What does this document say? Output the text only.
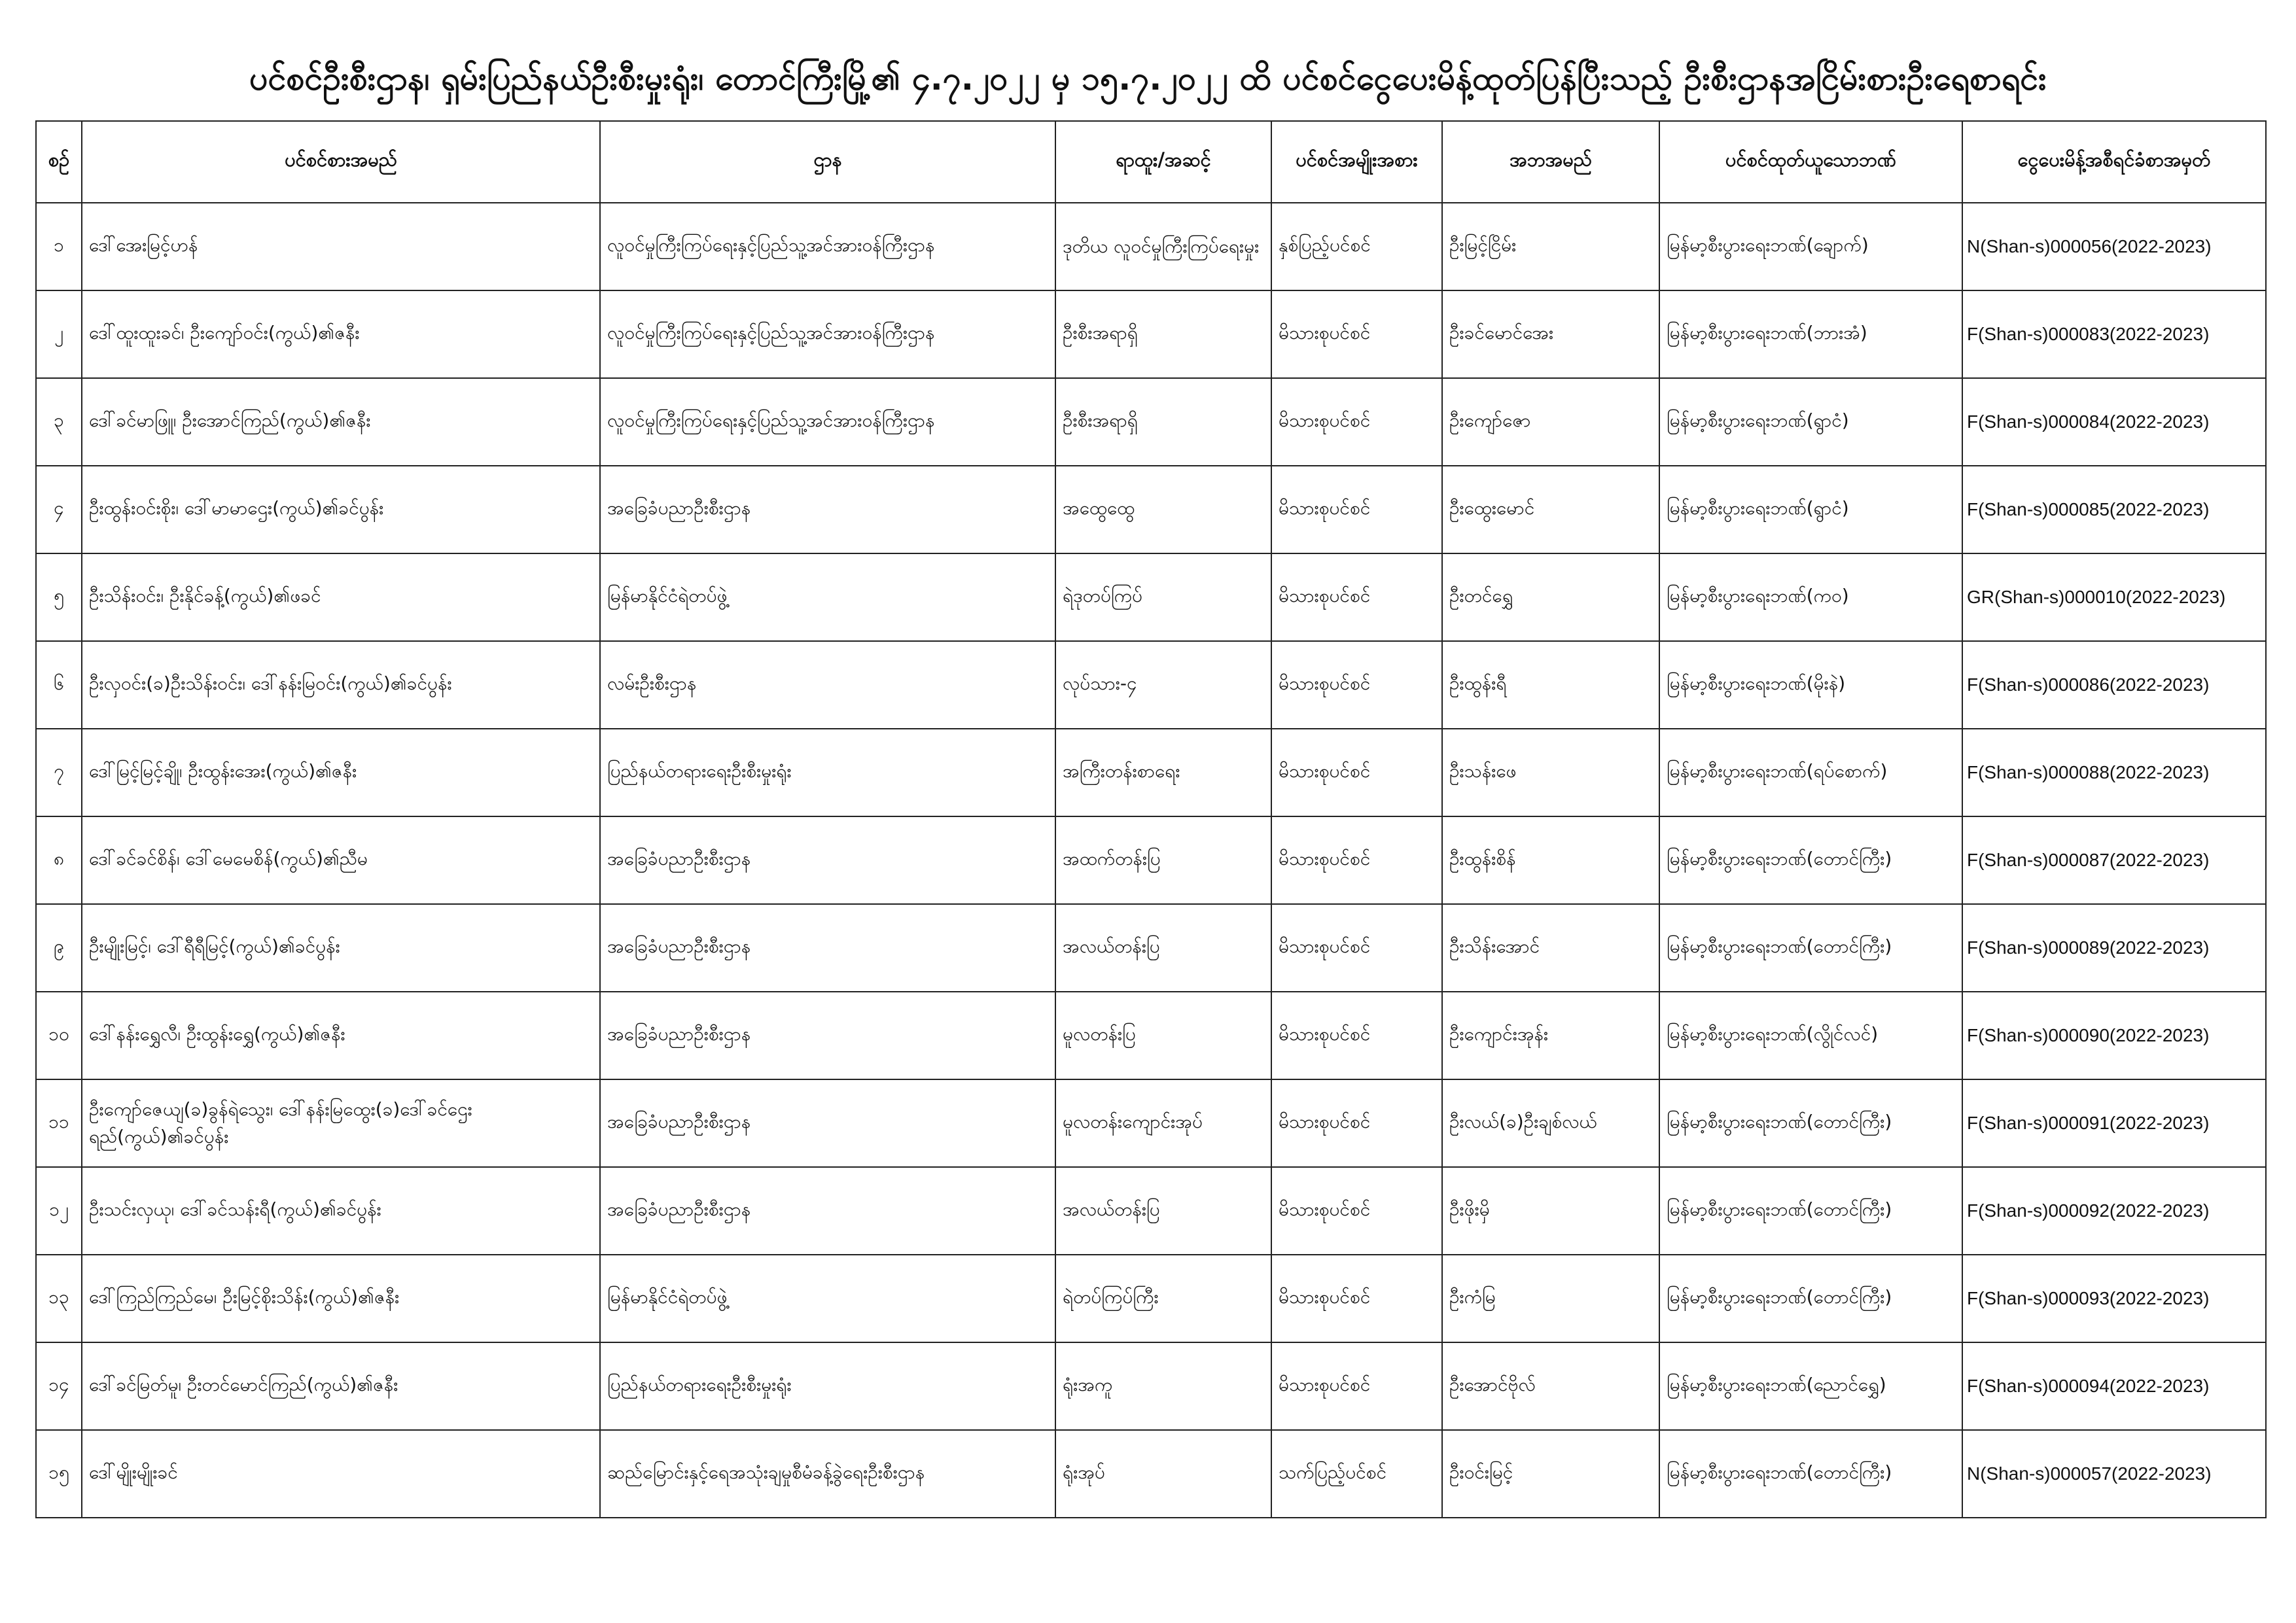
ပင်စင်ဦးစီးဌာန၊ ရှမ်းပြည်နယ်ဦးစီးမှုးရုံး၊ တောင်ကြီးမြို့၏ ၄.၇.၂၀၂၂ မှ ၁၅.၇.၂၀၂၂ ထိ ပင်စင်ငွေပေးမိန့်ထုတ်ပြန်ပြီးသည့် ဦးစီးဌာနအငြိမ်းစားဦးရေစာရင်း
စဉ်	ပင်စင်စားအမည်	ဌာန	ရာထူး/အဆင့်	ပင်စင်အမျိုးအစား	အဘအမည်	ပင်စင်ထုတ်ယူသောဘဏ်	ငွေပေးမိန့်အစီရင်ခံစာအမှတ်
၁	ဒေါ်အေးမြင့်ဟန်	လူဝင်မှုကြီးကြပ်ရေးနှင့်ပြည်သူ့အင်အားဝန်ကြီးဌာန	ဒုတိယ လူဝင်မှုကြီးကြပ်ရေးမှုး	နှစ်ပြည့်ပင်စင်	ဦးမြင့်ငြိမ်း	မြန်မာ့စီးပွားရေးဘဏ်(ချောက်)	N(Shan-s)000056(2022-2023)
၂	ဒေါ်ထူးထူးခင်၊ ဦးကျော်ဝင်း(ကွယ်)၏ဇနီး	လူဝင်မှုကြီးကြပ်ရေးနှင့်ပြည်သူ့အင်အားဝန်ကြီးဌာန	ဦးစီးအရာရှိ	မိသားစုပင်စင်	ဦးခင်မောင်အေး	မြန်မာ့စီးပွားရေးဘဏ်(ဘားအံ)	F(Shan-s)000083(2022-2023)
၃	ဒေါ်ခင်မာဖြူ၊ ဦးအောင်ကြည်(ကွယ်)၏ဇနီး	လူဝင်မှုကြီးကြပ်ရေးနှင့်ပြည်သူ့အင်အားဝန်ကြီးဌာန	ဦးစီးအရာရှိ	မိသားစုပင်စင်	ဦးကျော်ဇော	မြန်မာ့စီးပွားရေးဘဏ်(ရွာငံ)	F(Shan-s)000084(2022-2023)
၄	ဦးထွန်းဝင်းစိုး၊ ဒေါ်မာမာဌေး(ကွယ်)၏ခင်ပွန်း	အခြေခံပညာဦးစီးဌာန	အထွေထွေ	မိသားစုပင်စင်	ဦးထွေးမောင်	မြန်မာ့စီးပွားရေးဘဏ်(ရွာငံ)	F(Shan-s)000085(2022-2023)
၅	ဦးသိန်းဝင်း၊ ဦးနိုင်ခန့်(ကွယ်)၏ဖခင်	မြန်မာနိုင်ငံရဲတပ်ဖွဲ့	ရဲဒုတပ်ကြပ်	မိသားစုပင်စင်	ဦးတင်ရွှေ	မြန်မာ့စီးပွားရေးဘဏ်(ကဝ)	GR(Shan-s)000010(2022-2023)
၆	ဦးလှဝင်း(ခ)ဦးသိန်းဝင်း၊ ဒေါ်နန်းမြဝင်း(ကွယ်)၏ခင်ပွန်း	လမ်းဦးစီးဌာန	လုပ်သား-၄	မိသားစုပင်စင်	ဦးထွန်းရီ	မြန်မာ့စီးပွားရေးဘဏ်(မိုးနဲ)	F(Shan-s)000086(2022-2023)
၇	ဒေါ်မြင့်မြင့်ချို၊ ဦးထွန်းအေး(ကွယ်)၏ဇနီး	ပြည်နယ်တရားရေးဦးစီးမှုးရုံး	အကြီးတန်းစာရေး	မိသားစုပင်စင်	ဦးသန်းဖေ	မြန်မာ့စီးပွားရေးဘဏ်(ရပ်စောက်)	F(Shan-s)000088(2022-2023)
၈	ဒေါ်ခင်ခင်စိန်၊ ဒေါ်မေမေစိန်(ကွယ်)၏ညီမ	အခြေခံပညာဦးစီးဌာန	အထက်တန်းပြ	မိသားစုပင်စင်	ဦးထွန်းစိန်	မြန်မာ့စီးပွားရေးဘဏ်(တောင်ကြီး)	F(Shan-s)000087(2022-2023)
၉	ဦးမျိုးမြင့်၊ ဒေါ်ရီရီမြင့်(ကွယ်)၏ခင်ပွန်း	အခြေခံပညာဦးစီးဌာန	အလယ်တန်းပြ	မိသားစုပင်စင်	ဦးသိန်းအောင်	မြန်မာ့စီးပွားရေးဘဏ်(တောင်ကြီး)	F(Shan-s)000089(2022-2023)
၁၀	ဒေါ်နန်းရွှေလီ၊ ဦးထွန်းရွှေ(ကွယ်)၏ဇနီး	အခြေခံပညာဦးစီးဌာန	မူလတန်းပြ	မိသားစုပင်စင်	ဦးကျောင်းအုန်း	မြန်မာ့စီးပွားရေးဘဏ်(လွိုင်လင်)	F(Shan-s)000090(2022-2023)
၁၁	ဦးကျော်ဇေယျ(ခ)ခွန်ရဲသွေး၊ ဒေါ်နန်းမြထွေး(ခ)ဒေါ်ခင်ဌေးရည်(ကွယ်)၏ခင်ပွန်း	အခြေခံပညာဦးစီးဌာန	မူလတန်းကျောင်းအုပ်	မိသားစုပင်စင်	ဦးလယ်(ခ)ဦးချစ်လယ်	မြန်မာ့စီးပွားရေးဘဏ်(တောင်ကြီး)	F(Shan-s)000091(2022-2023)
၁၂	ဦးသင်းလှယု၊ ဒေါ်ခင်သန်းရီ(ကွယ်)၏ခင်ပွန်း	အခြေခံပညာဦးစီးဌာန	အလယ်တန်းပြ	မိသားစုပင်စင်	ဦးဖိုးမှိ	မြန်မာ့စီးပွားရေးဘဏ်(တောင်ကြီး)	F(Shan-s)000092(2022-2023)
၁၃	ဒေါ်ကြည်ကြည်မေ၊ ဦးမြင့်စိုးသိန်း(ကွယ်)၏ဇနီး	မြန်မာနိုင်ငံရဲတပ်ဖွဲ့	ရဲတပ်ကြပ်ကြီး	မိသားစုပင်စင်	ဦးကံမြ	မြန်မာ့စီးပွားရေးဘဏ်(တောင်ကြီး)	F(Shan-s)000093(2022-2023)
၁၄	ဒေါ်ခင်မြတ်မူ၊ ဦးတင်မောင်ကြည်(ကွယ်)၏ဇနီး	ပြည်နယ်တရားရေးဦးစီးမှုးရုံး	ရုံးအကူ	မိသားစုပင်စင်	ဦးအောင်ဗိုလ်	မြန်မာ့စီးပွားရေးဘဏ်(ညောင်ရွှေ)	F(Shan-s)000094(2022-2023)
၁၅	ဒေါ်မျိုးမျိုးခင်	ဆည်မြောင်းနှင့်ရေအသုံးချမှုစီမံခန့်ခွဲရေးဦးစီးဌာန	ရုံးအုပ်	သက်ပြည့်ပင်စင်	ဦးဝင်းမြင့်	မြန်မာ့စီးပွားရေးဘဏ်(တောင်ကြီး)	N(Shan-s)000057(2022-2023)
